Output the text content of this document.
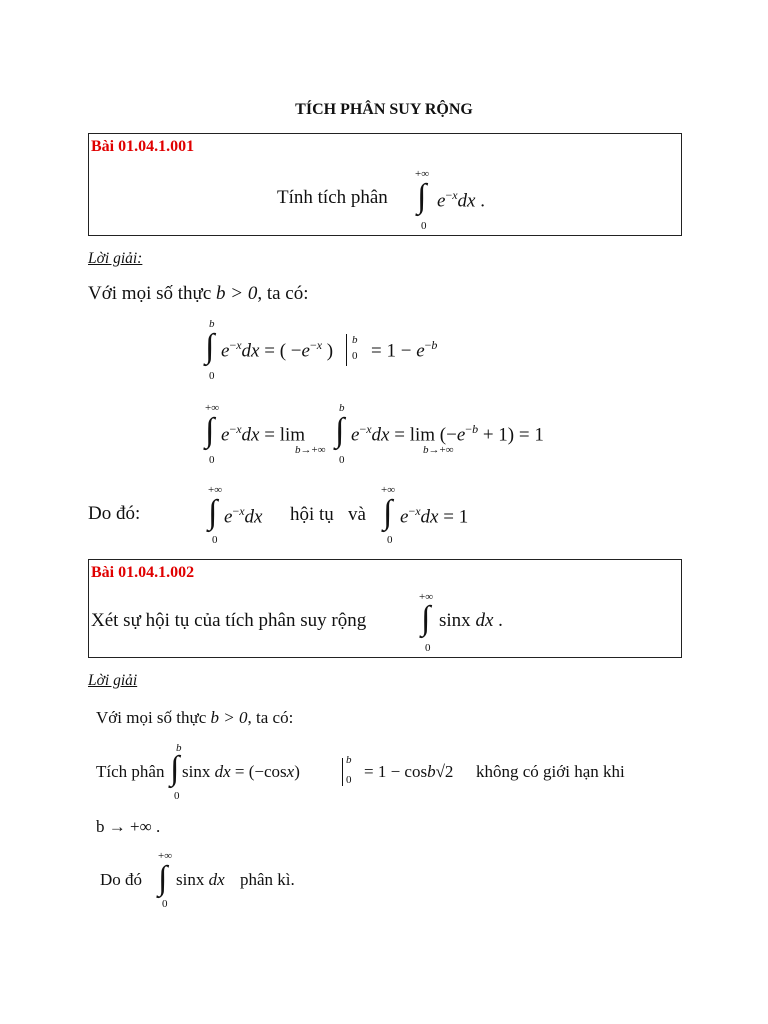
TÍCH PHÂN SUY RỘNG
Bài 01.04.1.001
Tính tích phân
+∞
∫
0
$e^{-x}dx$ .
Lời giải:
Với mọi số thực b > 0, ta có:
b
∫
0
$e^{-x}dx$ = ( $-e^{-x}$ )
b
$0 = 1 - e^{-b}$
+∞
∫
0
$e^{-x}dx = \lim$
b→+∞
b
∫
0
$e^{-x}dx = \lim (-e^{-b} + 1) = 1$
b→+∞
Do đó:
+∞
∫
0
$e^{-x}dx$ hội tụ và
+∞
∫
0
$e^{-x}dx = 1$
Bài 01.04.1.002
Xét sự hội tụ của tích phân suy rộng
+∞
∫
0
sinx dx .
Lời giải
Với mọi số thực b > 0, ta có:
Tích phân
b
∫
0
sinx dx = (−cosx)
b
0 = 1 − cosb√2 không có giới hạn khi
b → +∞ .
Do đó
+∞
∫
0
sinx dx phân kì.
